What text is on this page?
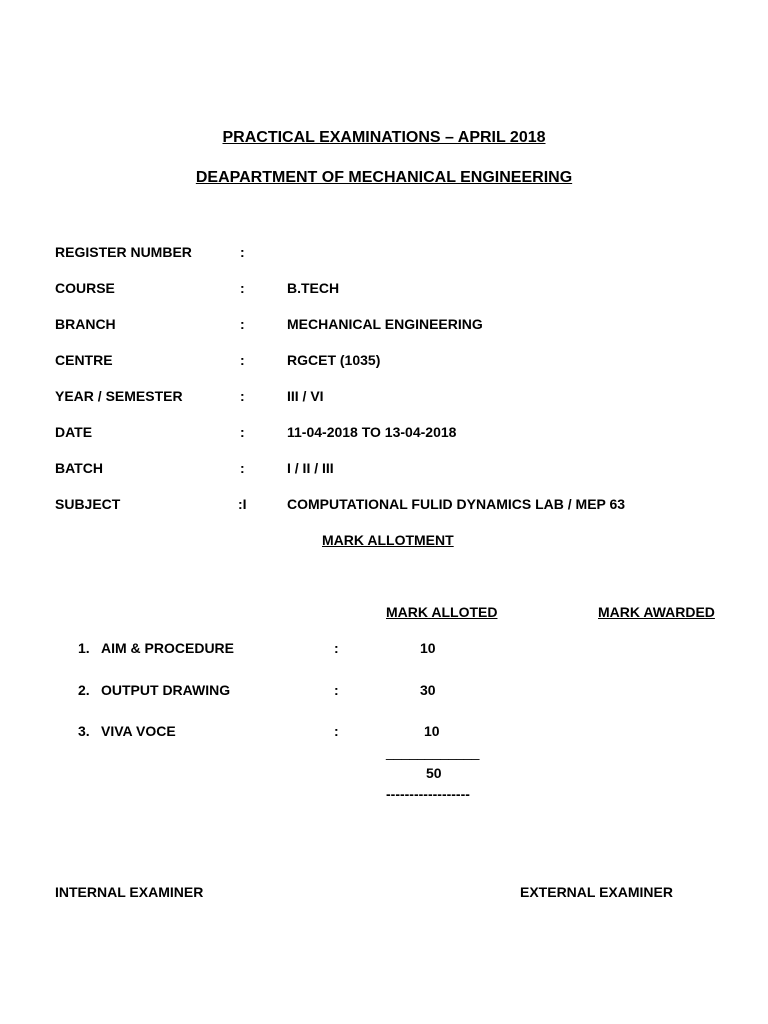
PRACTICAL EXAMINATIONS – APRIL 2018
DEAPARTMENT OF MECHANICAL ENGINEERING
REGISTER NUMBER	:
COURSE	:	B.TECH
BRANCH	:	MECHANICAL ENGINEERING
CENTRE	:	RGCET (1035)
YEAR / SEMESTER	:	III / VI
DATE	:	11-04-2018 TO 13-04-2018
BATCH	:	I / II / III
SUBJECT	:I	COMPUTATIONAL FULID DYNAMICS LAB / MEP 63
MARK ALLOTMENT
MARK ALLOTED	MARK AWARDED
1. AIM & PROCEDURE	:	10
2. OUTPUT DRAWING	:	30
3. VIVA VOCE	:	10
____________
50
------------------
INTERNAL EXAMINER	EXTERNAL EXAMINER
